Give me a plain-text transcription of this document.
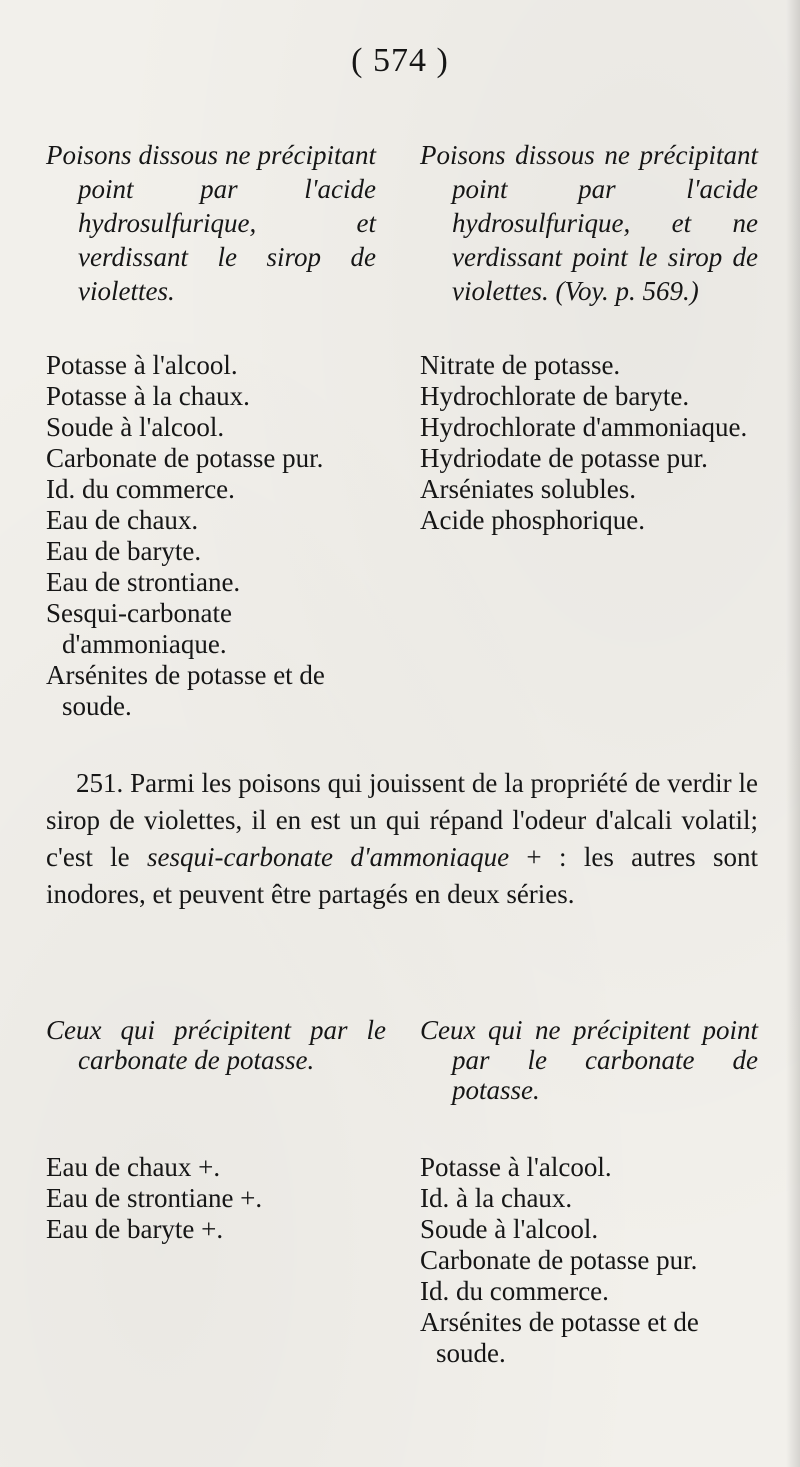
( 574 )
Poisons dissous ne précipitant point par l'acide hydrosulfurique, et verdissant le sirop de violettes.
Poisons dissous ne précipitant point par l'acide hydrosulfurique, et ne verdissant point le sirop de violettes. (Voy. p. 569.)
Potasse à l'alcool.
Potasse à la chaux.
Soude à l'alcool.
Carbonate de potasse pur.
Id. du commerce.
Eau de chaux.
Eau de baryte.
Eau de strontiane.
Sesqui-carbonate d'ammoniaque.
Arsénites de potasse et de soude.
Nitrate de potasse.
Hydrochlorate de baryte.
Hydrochlorate d'ammoniaque.
Hydriodate de potasse pur.
Arséniates solubles.
Acide phosphorique.
251. Parmi les poisons qui jouissent de la propriété de verdir le sirop de violettes, il en est un qui répand l'odeur d'alcali volatil; c'est le sesqui-carbonate d'ammoniaque + : les autres sont inodores, et peuvent être partagés en deux séries.
Ceux qui précipitent par le carbonate de potasse.
Ceux qui ne précipitent point par le carbonate de potasse.
Eau de chaux +.
Eau de strontiane +.
Eau de baryte +.
Potasse à l'alcool.
Id. à la chaux.
Soude à l'alcool.
Carbonate de potasse pur.
Id. du commerce.
Arsénites de potasse et de soude.
